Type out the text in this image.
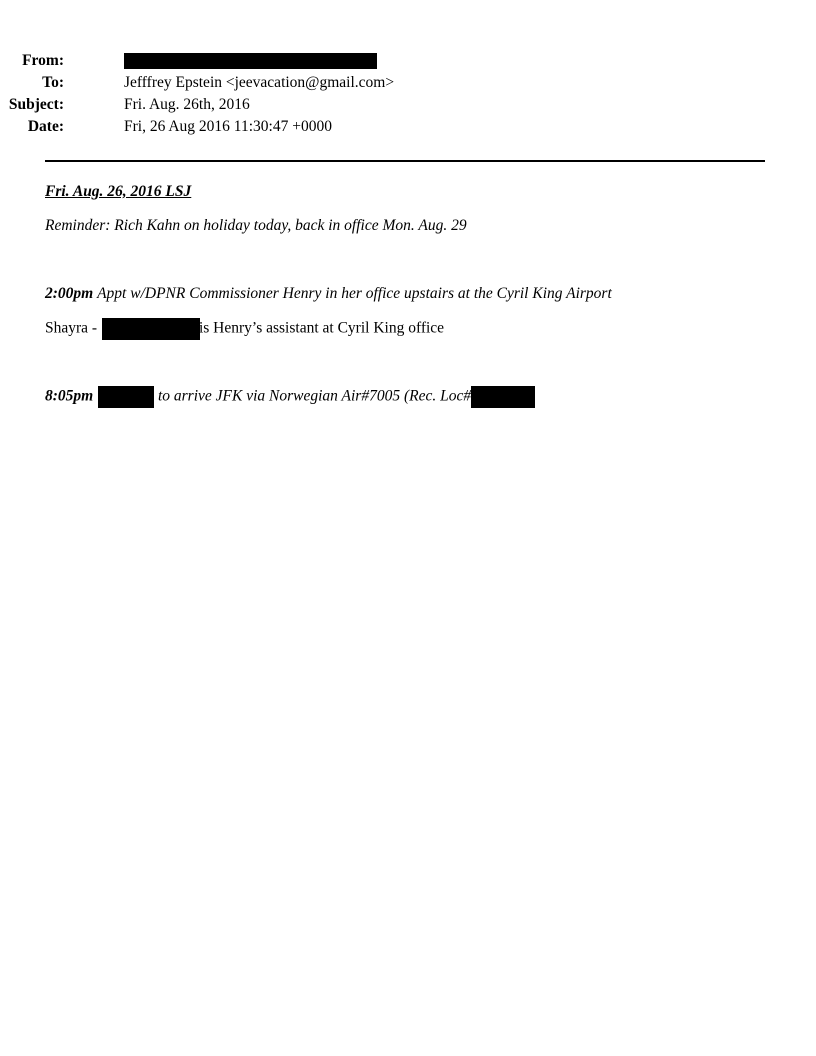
From:
To:	Jefffrey Epstein <jeevacation@gmail.com>
Subject:	Fri. Aug. 26th, 2016
Date:	Fri, 26 Aug 2016 11:30:47 +0000
Fri. Aug. 26, 2016 LSJ
Reminder: Rich Kahn on holiday today, back in office Mon. Aug. 29
2:00pm Appt w/DPNR Commissioner Henry in her office upstairs at the Cyril King Airport
Shayra -	is Henry’s assistant at Cyril King office
8:05pm	to arrive JFK via Norwegian Air#7005 (Rec. Loc#
